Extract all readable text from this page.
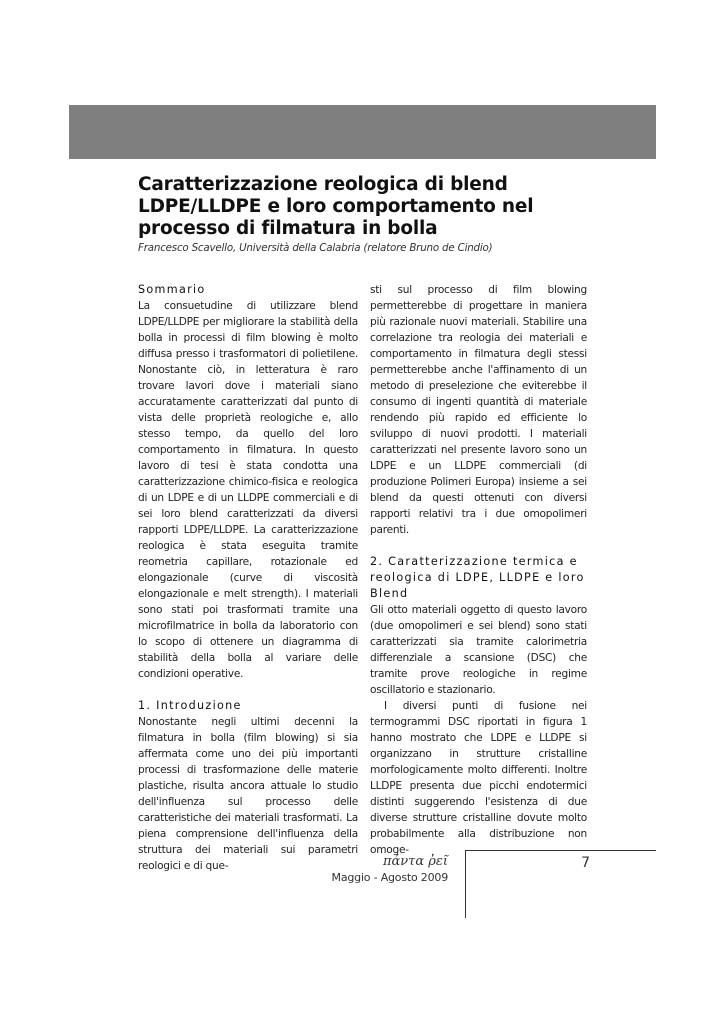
Caratterizzazione reologica di blend LDPE/LLDPE e loro comportamento nel processo di filmatura in bolla
Francesco Scavello, Università della Calabria (relatore Bruno de Cindio)
Sommario

La consuetudine di utilizzare blend LDPE/LLDPE per migliorare la stabilità della bolla in processi di film blowing è molto diffusa presso i trasformatori di polietilene. Nonostante ciò, in letteratura è raro trovare lavori dove i materiali siano accuratamente caratterizzati dal punto di vista delle proprietà reologiche e, allo stesso tempo, da quello del loro comportamento in filmatura. In questo lavoro di tesi è stata condotta una caratterizzazione chimico-fisica e reologica di un LDPE e di un LLDPE commerciali e di sei loro blend caratterizzati da diversi rapporti LDPE/LLDPE. La caratterizzazione reologica è stata eseguita tramite reometria capillare, rotazionale ed elongazionale (curve di viscosità elongazionale e melt strength). I materiali sono stati poi trasformati tramite una microfilmatrice in bolla da laboratorio con lo scopo di ottenere un diagramma di stabilità della bolla al variare delle condizioni operative.

1. Introduzione

Nonostante negli ultimi decenni la filmatura in bolla (film blowing) si sia affermata come uno dei più importanti processi di trasformazione delle materie plastiche, risulta ancora attuale lo studio dell'influenza sul processo delle caratteristiche dei materiali trasformati. La piena comprensione dell'influenza della struttura dei materiali sui parametri reologici e di que-

sti sul processo di film blowing permetterebbe di progettare in maniera più razionale nuovi materiali. Stabilire una correlazione tra reologia dei materiali e comportamento in filmatura degli stessi permetterebbe anche l'affinamento di un metodo di preselezione che eviterebbe il consumo di ingenti quantità di materiale rendendo più rapido ed efficiente lo sviluppo di nuovi prodotti. I materiali caratterizzati nel presente lavoro sono un LDPE e un LLDPE commerciali (di produzione Polimeri Europa) insieme a sei blend da questi ottenuti con diversi rapporti relativi tra i due omopolimeri parenti.

2. Caratterizzazione termica e reologica di LDPE, LLDPE e loro Blend

Gli otto materiali oggetto di questo lavoro (due omopolimeri e sei blend) sono stati caratterizzati sia tramite calorimetria differenziale a scansione (DSC) che tramite prove reologiche in regime oscillatorio e stazionario.

I diversi punti di fusione nei termogrammi DSC riportati in figura 1 hanno mostrato che LDPE e LLDPE si organizzano in strutture cristalline morfologicamente molto differenti. Inoltre LLDPE presenta due picchi endotermici distinti suggerendo l'esistenza di due diverse strutture cristalline dovute molto probabilmente alla distribuzione non omoge-

πάντα ῥεῖ
Maggio - Agosto 2009
7
